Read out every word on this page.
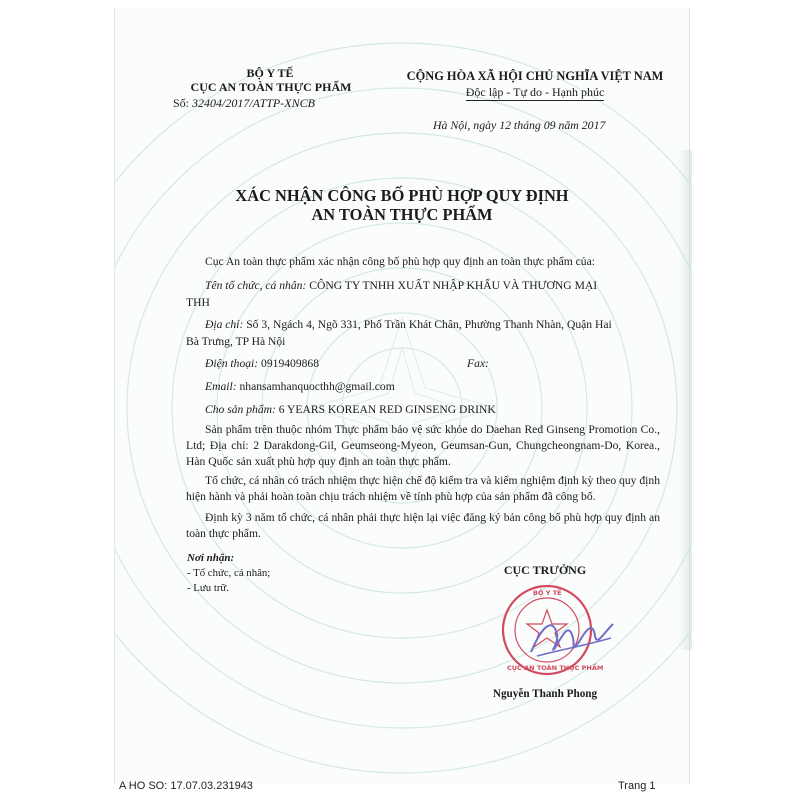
BỘ Y TẾ
CỤC AN TOÀN THỰC PHẨM
Số: 32404/2017/ATTP-XNCB
CỘNG HÒA XÃ HỘI CHỦ NGHĨA VIỆT NAM
Độc lập - Tự do - Hạnh phúc
Hà Nội, ngày 12 tháng 09 năm 2017
XÁC NHẬN CÔNG BỐ PHÙ HỢP QUY ĐỊNH
AN TOÀN THỰC PHẨM
Cục An toàn thực phẩm xác nhận công bố phù hợp quy định an toàn thực phẩm của:
Tên tổ chức, cá nhân: CÔNG TY TNHH XUẤT NHẬP KHẨU VÀ THƯƠNG MẠI
THH
Địa chỉ: Số 3, Ngách 4, Ngõ 331, Phố Trần Khát Chân, Phường Thanh Nhàn, Quận Hai
Bà Trưng, TP Hà Nội
Điện thoại: 0919409868	Fax:
Email: nhansamhanquocthh@gmail.com
Cho sản phẩm: 6 YEARS KOREAN RED GINSENG DRINK
Sản phẩm trên thuộc nhóm Thực phẩm bảo vệ sức khỏe do Daehan Red Ginseng Promotion Co., Ltd; Địa chỉ: 2 Darakdong-Gil, Geumseong-Myeon, Geumsan-Gun, Chungcheongnam-Do, Korea., Hàn Quốc sản xuất phù hợp quy định an toàn thực phẩm.
Tổ chức, cá nhân có trách nhiệm thực hiện chế độ kiểm tra và kiểm nghiệm định kỳ theo quy định hiện hành và phải hoàn toàn chịu trách nhiệm về tính phù hợp của sản phẩm đã công bố.
Định kỳ 3 năm tổ chức, cá nhân phải thực hiện lại việc đăng ký bản công bố phù hợp quy định an toàn thực phẩm.
Nơi nhận:
- Tổ chức, cá nhân;
- Lưu trữ.
CỤC TRƯỞNG
BỘ Y TẾ
CỤC AN TOÀN THỰC PHẨM
Nguyễn Thanh Phong
A HO SO: 17.07.03.231943	Trang 1
